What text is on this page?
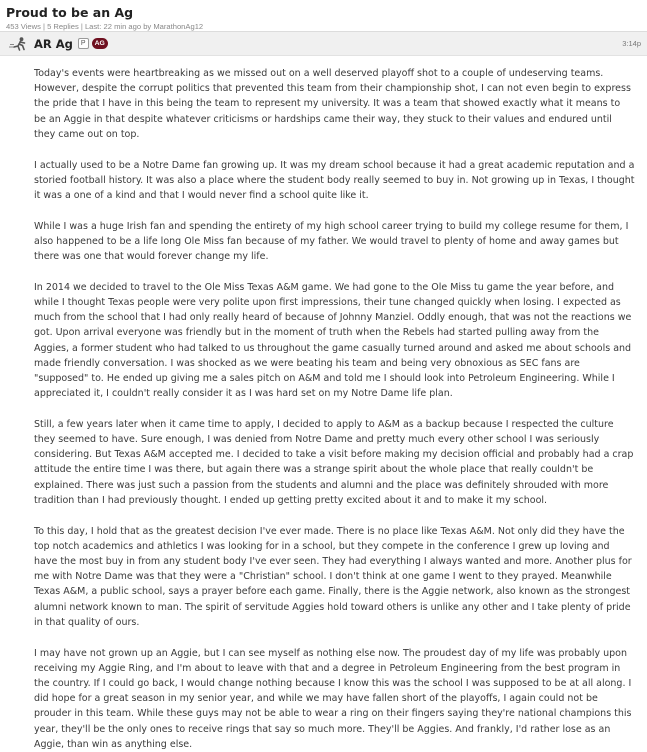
Proud to be an Ag
453 Views | 5 Replies | Last: 22 min ago by MarathonAg12
AR Ag	P	AG	3:14p

Today's events were heartbreaking as we missed out on a well deserved playoff shot to a couple of undeserving teams. However, despite the corrupt politics that prevented this team from their championship shot, I can not even begin to express the pride that I have in this being the team to represent my university. It was a team that showed exactly what it means to be an Aggie in that despite whatever criticisms or hardships came their way, they stuck to their values and endured until they came out on top.

I actually used to be a Notre Dame fan growing up. It was my dream school because it had a great academic reputation and a storied football history. It was also a place where the student body really seemed to buy in. Not growing up in Texas, I thought it was a one of a kind and that I would never find a school quite like it.

While I was a huge Irish fan and spending the entirety of my high school career trying to build my college resume for them, I also happened to be a life long Ole Miss fan because of my father. We would travel to plenty of home and away games but there was one that would forever change my life.

In 2014 we decided to travel to the Ole Miss Texas A&M game. We had gone to the Ole Miss tu game the year before, and while I thought Texas people were very polite upon first impressions, their tune changed quickly when losing. I expected as much from the school that I had only really heard of because of Johnny Manziel. Oddly enough, that was not the reactions we got. Upon arrival everyone was friendly but in the moment of truth when the Rebels had started pulling away from the Aggies, a former student who had talked to us throughout the game casually turned around and asked me about schools and made friendly conversation. I was shocked as we were beating his team and being very obnoxious as SEC fans are "supposed" to. He ended up giving me a sales pitch on A&M and told me I should look into Petroleum Engineering. While I appreciated it, I couldn't really consider it as I was hard set on my Notre Dame life plan.

Still, a few years later when it came time to apply, I decided to apply to A&M as a backup because I respected the culture they seemed to have. Sure enough, I was denied from Notre Dame and pretty much every other school I was seriously considering. But Texas A&M accepted me. I decided to take a visit before making my decision official and probably had a crap attitude the entire time I was there, but again there was a strange spirit about the whole place that really couldn't be explained. There was just such a passion from the students and alumni and the place was definitely shrouded with more tradition than I had previously thought. I ended up getting pretty excited about it and to make it my school.

To this day, I hold that as the greatest decision I've ever made. There is no place like Texas A&M. Not only did they have the top notch academics and athletics I was looking for in a school, but they compete in the conference I grew up loving and have the most buy in from any student body I've ever seen. They had everything I always wanted and more. Another plus for me with Notre Dame was that they were a "Christian" school. I don't think at one game I went to they prayed. Meanwhile Texas A&M, a public school, says a prayer before each game. Finally, there is the Aggie network, also known as the strongest alumni network known to man. The spirit of servitude Aggies hold toward others is unlike any other and I take plenty of pride in that quality of ours.

I may have not grown up an Aggie, but I can see myself as nothing else now. The proudest day of my life was probably upon receiving my Aggie Ring, and I'm about to leave with that and a degree in Petroleum Engineering from the best program in the country. If I could go back, I would change nothing because I know this was the school I was supposed to be at all along. I did hope for a great season in my senior year, and while we may have fallen short of the playoffs, I again could not be prouder in this team. While these guys may not be able to wear a ring on their fingers saying they're national champions this year, they'll be the only ones to receive rings that say so much more. They'll be Aggies. And frankly, I'd rather lose as an Aggie, than win as anything else.
